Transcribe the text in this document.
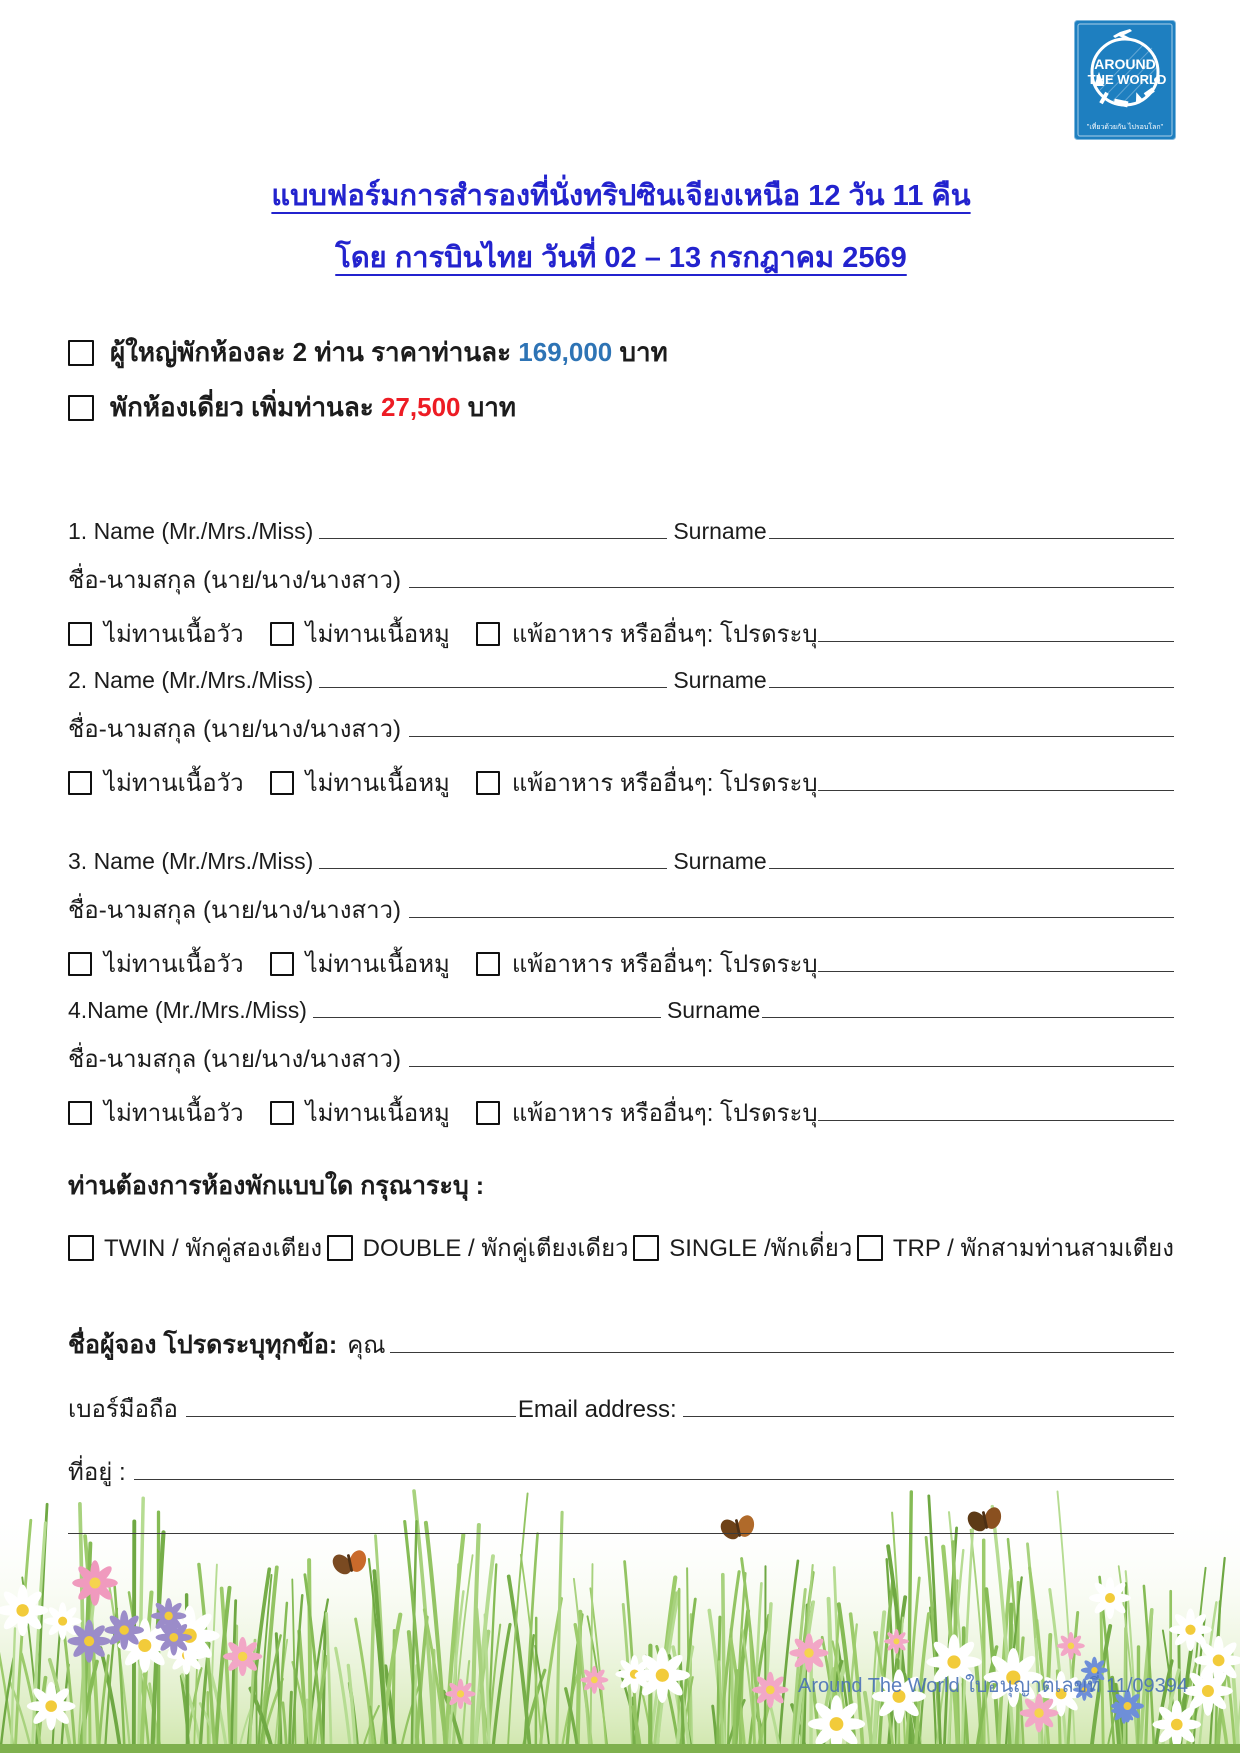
AROUND
THE WORLD
"เที่ยวด้วยกัน ไปรอบโลก"
แบบฟอร์มการสำรองที่นั่งทริปซินเจียงเหนือ 12 วัน 11 คืน
โดย การบินไทย วันที่ 02 – 13 กรกฎาคม 2569
ผู้ใหญ่พักห้องละ 2 ท่าน ราคาท่านละ 169,000 บาท
พักห้องเดี่ยว เพิ่มท่านละ 27,500 บาท
1. Name (Mr./Mrs./Miss)	Surname
ชื่อ-นามสกุล (นาย/นาง/นางสาว)
ไม่ทานเนื้อวัว	ไม่ทานเนื้อหมู	แพ้อาหาร หรืออื่นๆ: โปรดระบุ
2. Name (Mr./Mrs./Miss)	Surname
ชื่อ-นามสกุล (นาย/นาง/นางสาว)
ไม่ทานเนื้อวัว	ไม่ทานเนื้อหมู	แพ้อาหาร หรืออื่นๆ: โปรดระบุ
3. Name (Mr./Mrs./Miss)	Surname
ชื่อ-นามสกุล (นาย/นาง/นางสาว)
ไม่ทานเนื้อวัว	ไม่ทานเนื้อหมู	แพ้อาหาร หรืออื่นๆ: โปรดระบุ
4.Name (Mr./Mrs./Miss)	Surname
ชื่อ-นามสกุล (นาย/นาง/นางสาว)
ไม่ทานเนื้อวัว	ไม่ทานเนื้อหมู	แพ้อาหาร หรืออื่นๆ: โปรดระบุ
ท่านต้องการห้องพักแบบใด กรุณาระบุ :
TWIN / พักคู่สองเตียง DOUBLE / พักคู่เตียงเดียว SINGLE /พักเดี่ยว TRP / พักสามท่านสามเตียง
ชื่อผู้จอง โปรดระบุทุกข้อ: คุณ
เบอร์มือถือ	Email address:
ที่อยู่ :
Around The World ใบอนุญาตเลขที่ 11/09394
